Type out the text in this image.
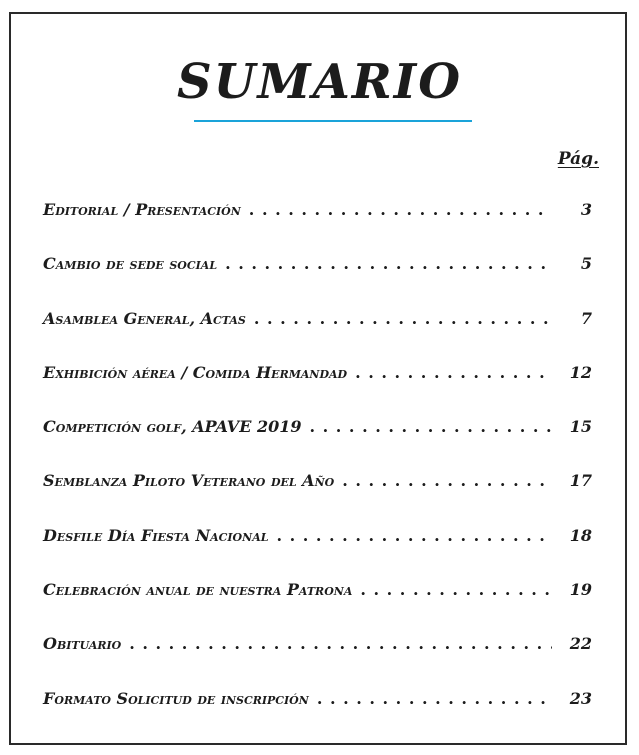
SUMARIO
Pág.
Editorial / Presentación . . .	3
Cambio de sede social . . .	5
Asamblea General, Actas . . .	7
Exhibición aérea / Comida Hermandad . . .	12
Competición golf, APAVE 2019 . . .	15
Semblanza Piloto Veterano del Año . . .	17
Desfile Día Fiesta Nacional . . .	18
Celebración anual de nuestra Patrona . . .	19
Obituario . . .	22
Formato Solicitud de inscripción . . .	23
